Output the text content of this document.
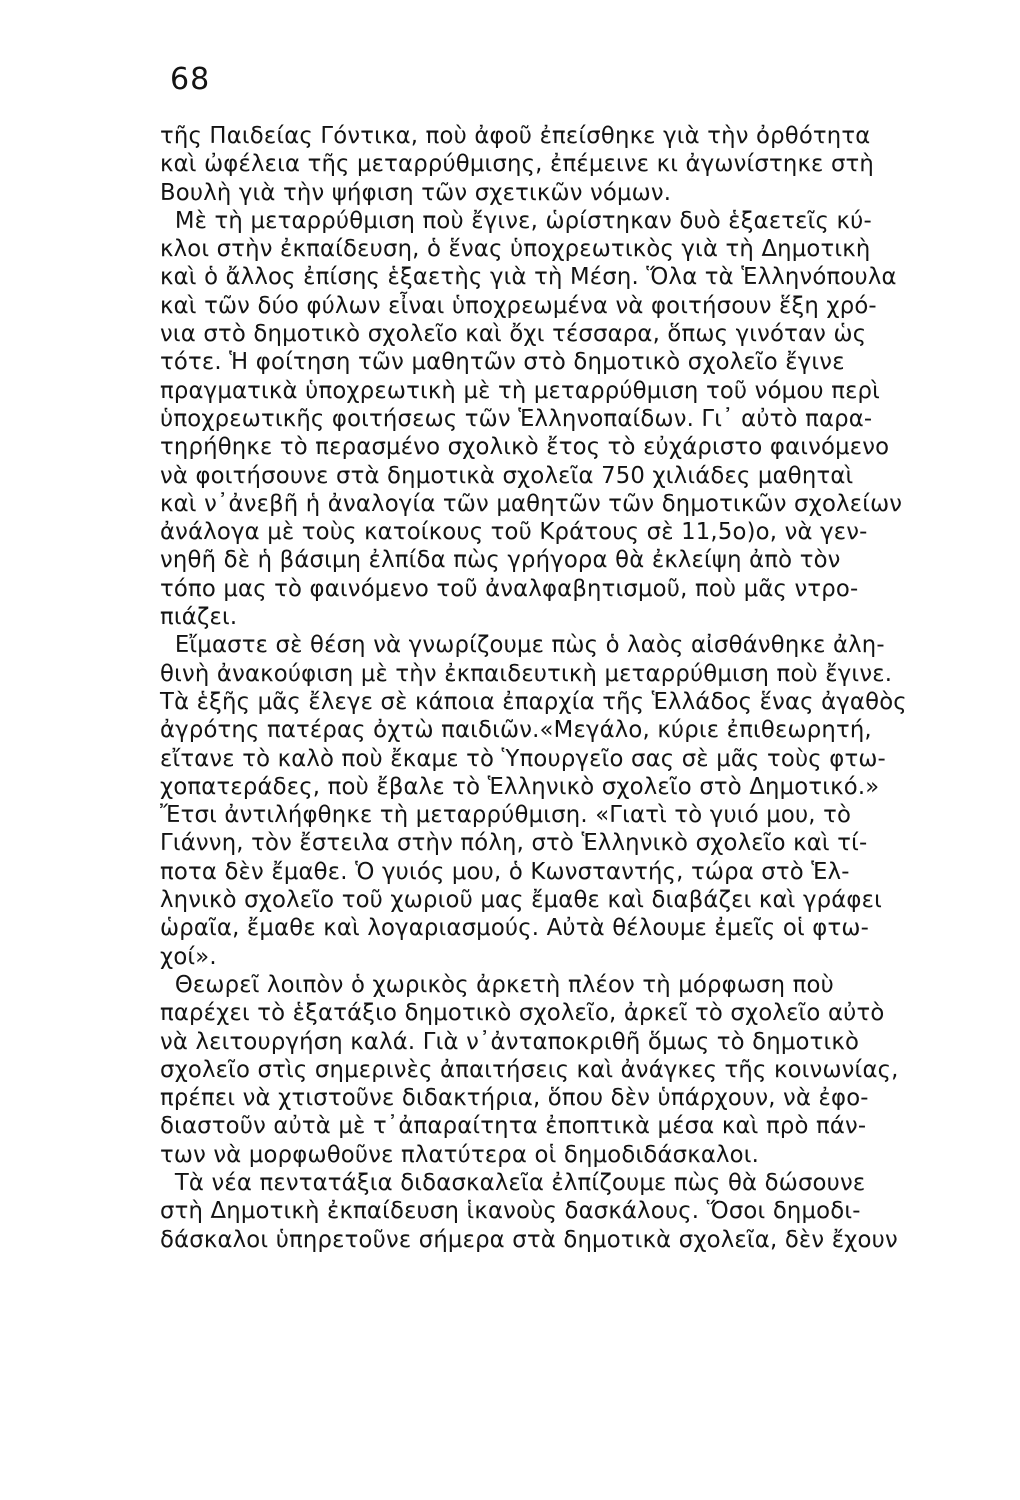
68
τῆς Παιδείας Γόντικα, ποὺ ἀφοῦ ἐπείσθηκε γιὰ τὴν ὀρθότητα
καὶ ὠφέλεια τῆς μεταρρύθμισης, ἐπέμεινε κι ἀγωνίστηκε στὴ
Βουλὴ γιὰ τὴν ψήφιση τῶν σχετικῶν νόμων.
Μὲ τὴ μεταρρύθμιση ποὺ ἔγινε, ὡρίστηκαν δυὸ ἑξαετεῖς κύ-
κλοι στὴν ἐκπαίδευση, ὁ ἕνας ὑποχρεωτικὸς γιὰ τὴ Δημοτικὴ
καὶ ὁ ἄλλος ἐπίσης ἑξαετὴς γιὰ τὴ Μέση. Ὅλα τὰ Ἑλληνόπουλα
καὶ τῶν δύο φύλων εἶναι ὑποχρεωμένα νὰ φοιτήσουν ἕξη χρό-
νια στὸ δημοτικὸ σχολεῖο καὶ ὄχι τέσσαρα, ὅπως γινόταν ὡς
τότε. Ἡ φοίτηση τῶν μαθητῶν στὸ δημοτικὸ σχολεῖο ἔγινε
πραγματικὰ ὑποχρεωτικὴ μὲ τὴ μεταρρύθμιση τοῦ νόμου περὶ
ὑποχρεωτικῆς φοιτήσεως τῶν Ἑλληνοπαίδων. Γι᾿ αὐτὸ παρα-
τηρήθηκε τὸ περασμένο σχολικὸ ἔτος τὸ εὐχάριστο φαινόμενο
νὰ φοιτήσουνε στὰ δημοτικὰ σχολεῖα 750 χιλιάδες μαθηταὶ
καὶ ν᾿ἀνεβῆ ἡ ἀναλογία τῶν μαθητῶν τῶν δημοτικῶν σχολείων
ἀνάλογα μὲ τοὺς κατοίκους τοῦ Κράτους σὲ 11,5ο)ο, νὰ γεν-
νηθῆ δὲ ἡ βάσιμη ἐλπίδα πὼς γρήγορα θὰ ἐκλείψη ἀπὸ τὸν
τόπο μας τὸ φαινόμενο τοῦ ἀναλφαβητισμοῦ, ποὺ μᾶς ντρο-
πιάζει.
Εἴμαστε σὲ θέση νὰ γνωρίζουμε πὼς ὁ λαὸς αἰσθάνθηκε ἀλη-
θινὴ ἀνακούφιση μὲ τὴν ἐκπαιδευτικὴ μεταρρύθμιση ποὺ ἔγινε.
Τὰ ἑξῆς μᾶς ἔλεγε σὲ κάποια ἐπαρχία τῆς Ἑλλάδος ἕνας ἀγαθὸς
ἀγρότης πατέρας ὀχτὼ παιδιῶν.«Μεγάλο, κύριε ἐπιθεωρητή,
εἴτανε τὸ καλὸ ποὺ ἔκαμε τὸ Ὑπουργεῖο σας σὲ μᾶς τοὺς φτω-
χοπατεράδες, ποὺ ἔβαλε τὸ Ἑλληνικὸ σχολεῖο στὸ Δημοτικό.»
Ἔτσι ἀντιλήφθηκε τὴ μεταρρύθμιση. «Γιατὶ τὸ γυιό μου, τὸ
Γιάννη, τὸν ἔστειλα στὴν πόλη, στὸ Ἑλληνικὸ σχολεῖο καὶ τί-
ποτα δὲν ἔμαθε. Ὁ γυιός μου, ὁ Κωνσταντής, τώρα στὸ Ἑλ-
ληνικὸ σχολεῖο τοῦ χωριοῦ μας ἔμαθε καὶ διαβάζει καὶ γράφει
ὡραῖα, ἔμαθε καὶ λογαριασμούς. Αὐτὰ θέλουμε ἐμεῖς οἱ φτω-
χοί».
Θεωρεῖ λοιπὸν ὁ χωρικὸς ἀρκετὴ πλέον τὴ μόρφωση ποὺ
παρέχει τὸ ἑξατάξιο δημοτικὸ σχολεῖο, ἀρκεῖ τὸ σχολεῖο αὐτὸ
νὰ λειτουργήση καλά. Γιὰ ν᾿ἀνταποκριθῆ ὅμως τὸ δημοτικὸ
σχολεῖο στὶς σημερινὲς ἀπαιτήσεις καὶ ἀνάγκες τῆς κοινωνίας,
πρέπει νὰ χτιστοῦνε διδακτήρια, ὅπου δὲν ὑπάρχουν, νὰ ἐφο-
διαστοῦν αὐτὰ μὲ τ᾿ἀπαραίτητα ἐποπτικὰ μέσα καὶ πρὸ πάν-
των νὰ μορφωθοῦνε πλατύτερα οἱ δημοδιδάσκαλοι.
Τὰ νέα πεντατάξια διδασκαλεῖα ἐλπίζουμε πὼς θὰ δώσουνε
στὴ Δημοτικὴ ἐκπαίδευση ἱκανοὺς δασκάλους. Ὅσοι δημοδι-
δάσκαλοι ὑπηρετοῦνε σήμερα στὰ δημοτικὰ σχολεῖα, δὲν ἔχουν
